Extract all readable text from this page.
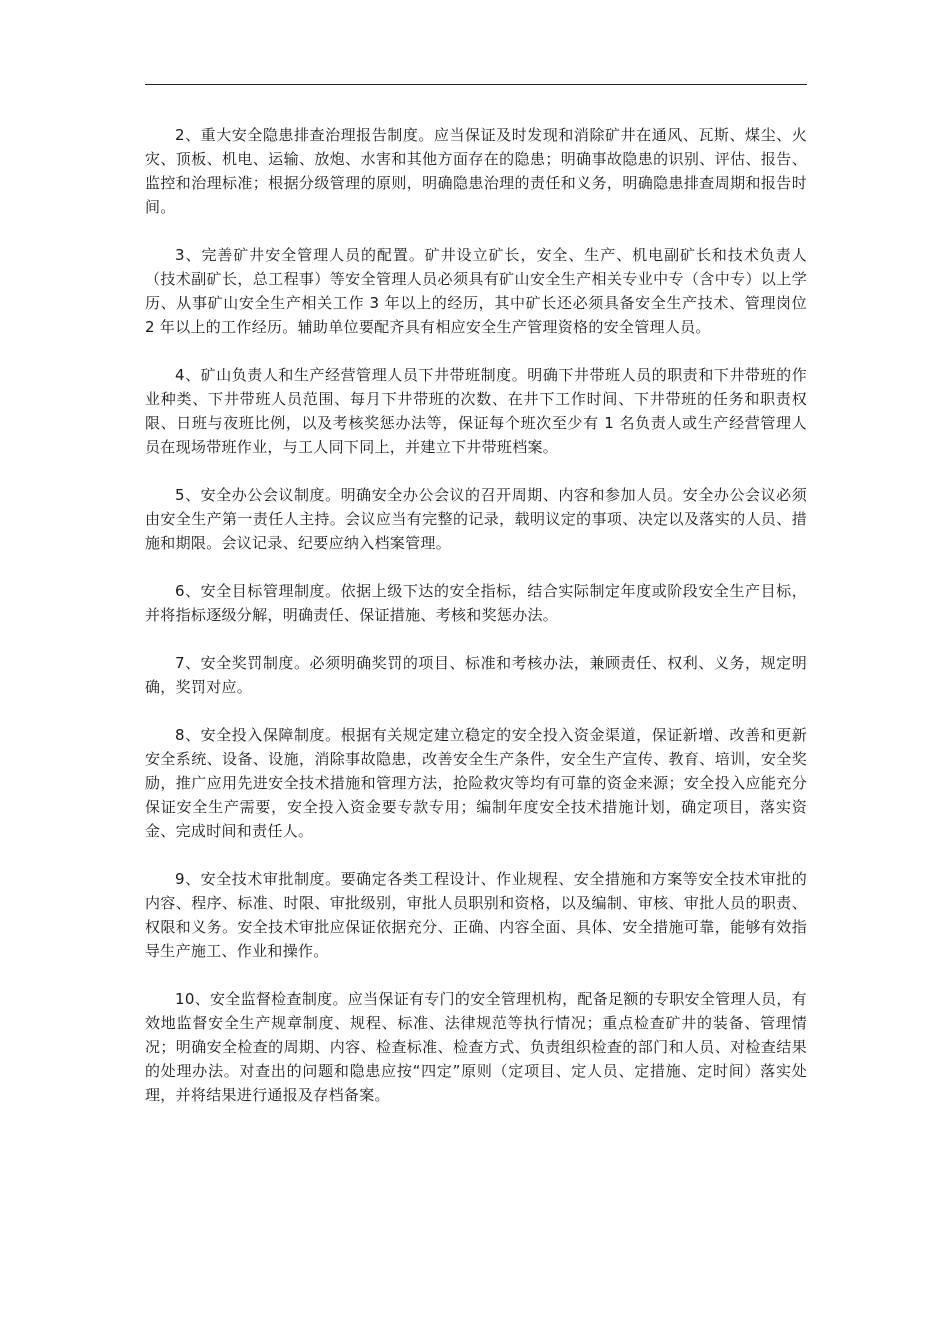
2、重大安全隐患排查治理报告制度。应当保证及时发现和消除矿井在通风、瓦斯、煤尘、火灾、顶板、机电、运输、放炮、水害和其他方面存在的隐患；明确事故隐患的识别、评估、报告、监控和治理标准；根据分级管理的原则，明确隐患治理的责任和义务，明确隐患排查周期和报告时间。

3、完善矿井安全管理人员的配置。矿井设立矿长，安全、生产、机电副矿长和技术负责人（技术副矿长，总工程事）等安全管理人员必须具有矿山安全生产相关专业中专（含中专）以上学历、从事矿山安全生产相关工作 3 年以上的经历，其中矿长还必须具备安全生产技术、管理岗位 2 年以上的工作经历。辅助单位要配齐具有相应安全生产管理资格的安全管理人员。

4、矿山负责人和生产经营管理人员下井带班制度。明确下井带班人员的职责和下井带班的作业种类、下井带班人员范围、每月下井带班的次数、在井下工作时间、下井带班的任务和职责权限、日班与夜班比例，以及考核奖惩办法等，保证每个班次至少有 1 名负责人或生产经营管理人员在现场带班作业，与工人同下同上，并建立下井带班档案。

5、安全办公会议制度。明确安全办公会议的召开周期、内容和参加人员。安全办公会议必须由安全生产第一责任人主持。会议应当有完整的记录，载明议定的事项、决定以及落实的人员、措施和期限。会议记录、纪要应纳入档案管理。

6、安全目标管理制度。依据上级下达的安全指标，结合实际制定年度或阶段安全生产目标，并将指标逐级分解，明确责任、保证措施、考核和奖惩办法。

7、安全奖罚制度。必须明确奖罚的项目、标准和考核办法，兼顾责任、权利、义务，规定明确，奖罚对应。

8、安全投入保障制度。根据有关规定建立稳定的安全投入资金渠道，保证新增、改善和更新安全系统、设备、设施，消除事故隐患，改善安全生产条件，安全生产宣传、教育、培训，安全奖励，推广应用先进安全技术措施和管理方法，抢险救灾等均有可靠的资金来源；安全投入应能充分保证安全生产需要，安全投入资金要专款专用；编制年度安全技术措施计划，确定项目，落实资金、完成时间和责任人。

9、安全技术审批制度。要确定各类工程设计、作业规程、安全措施和方案等安全技术审批的内容、程序、标准、时限、审批级别，审批人员职别和资格，以及编制、审核、审批人员的职责、权限和义务。安全技术审批应保证依据充分、正确、内容全面、具体、安全措施可靠，能够有效指导生产施工、作业和操作。

10、安全监督检查制度。应当保证有专门的安全管理机构，配备足额的专职安全管理人员，有效地监督安全生产规章制度、规程、标准、法律规范等执行情况；重点检查矿井的装备、管理情况；明确安全检查的周期、内容、检查标准、检查方式、负责组织检查的部门和人员、对检查结果的处理办法。对查出的问题和隐患应按“四定”原则（定项目、定人员、定措施、定时间）落实处理，并将结果进行通报及存档备案。
